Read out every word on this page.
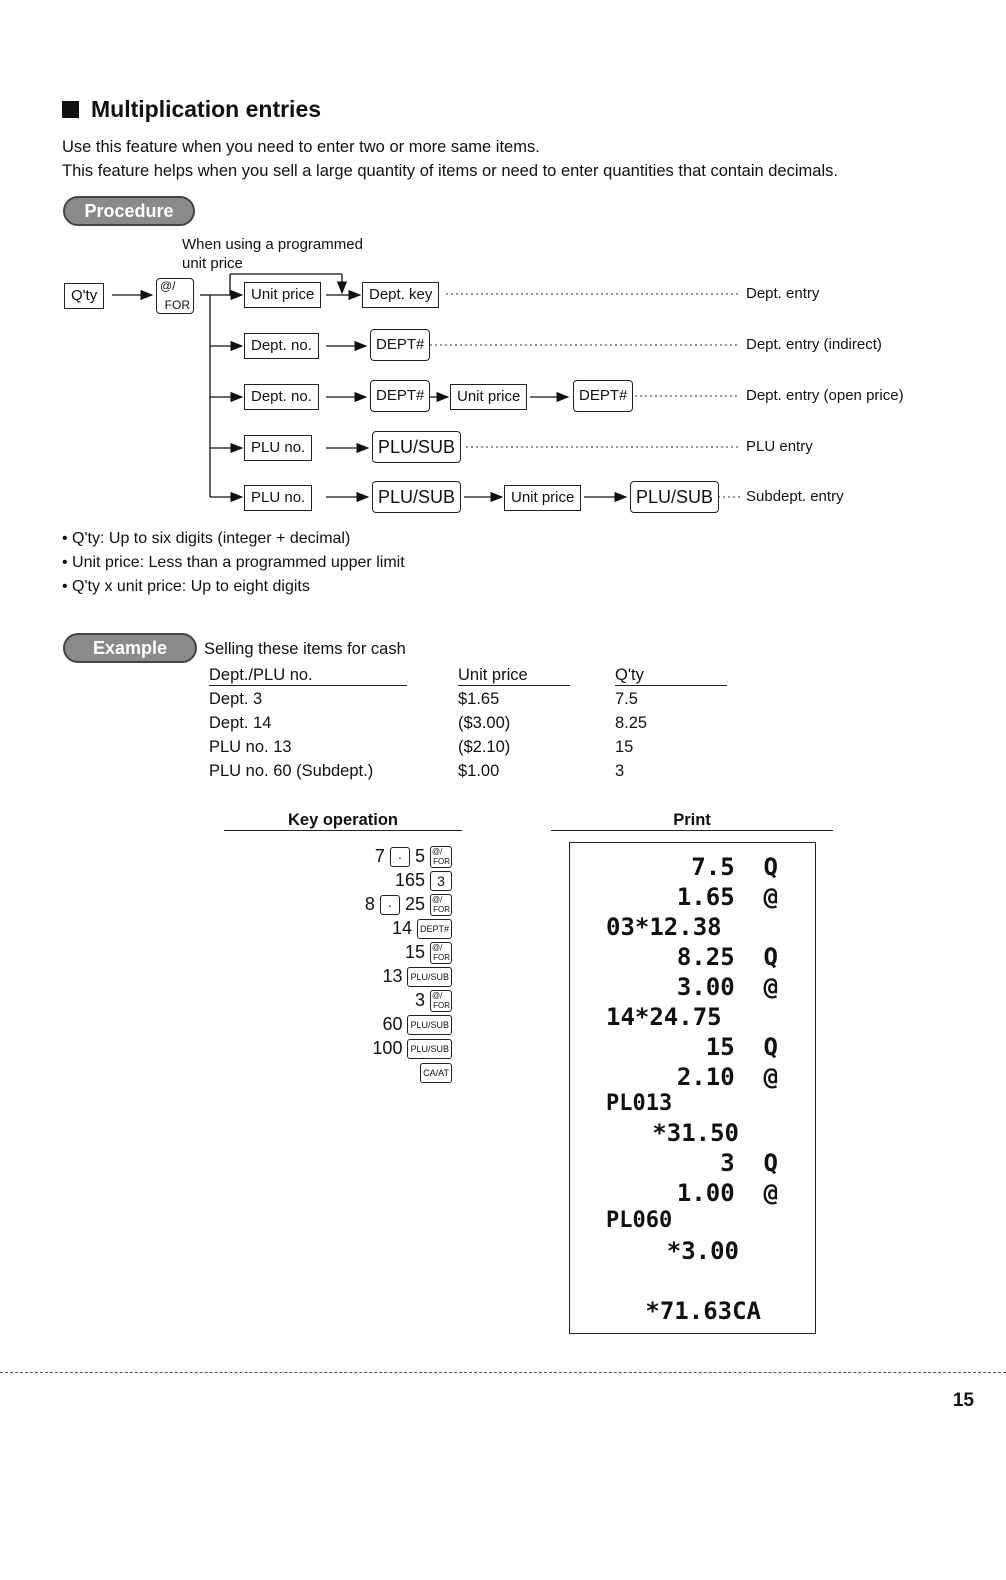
Multiplication entries
Use this feature when you need to enter two or more same items.
This feature helps when you sell a large quantity of items or need to enter quantities that contain decimals.
Procedure
When using a programmed
unit price
Q'ty
@/
FOR
Unit price	Dept. key
Dept. no.	DEPT#
Dept. no.	DEPT#	Unit price	DEPT#
PLU no.	PLU/SUB
PLU no.	PLU/SUB	Unit price	PLU/SUB
Dept. entry
Dept. entry (indirect)
Dept. entry (open price)
PLU entry
Subdept. entry
• Q'ty: Up to six digits (integer + decimal)
• Unit price: Less than a programmed upper limit
• Q'ty x unit price: Up to eight digits
Example	Selling these items for cash
Dept./PLU no.	Unit price	Q'ty
Dept. 3	$1.65	7.5
Dept. 14	($3.00)	8.25
PLU no. 13	($2.10)	15
PLU no. 60 (Subdept.)	$1.00	3
Key operation
7 · 5 @/
FOR
165 3
8 · 25 @/
FOR
14 DEPT#
15 @/
FOR
13 PLU/SUB
3 @/
FOR
60 PLU/SUB
100 PLU/SUB
CA/AT
Print
7.5  Q
1.65  @
03*12.38
8.25  Q
3.00  @
14*24.75
15  Q
2.10  @
PL013
*31.50
3  Q
1.00  @
PL060
*3.00
*71.63CA
15
